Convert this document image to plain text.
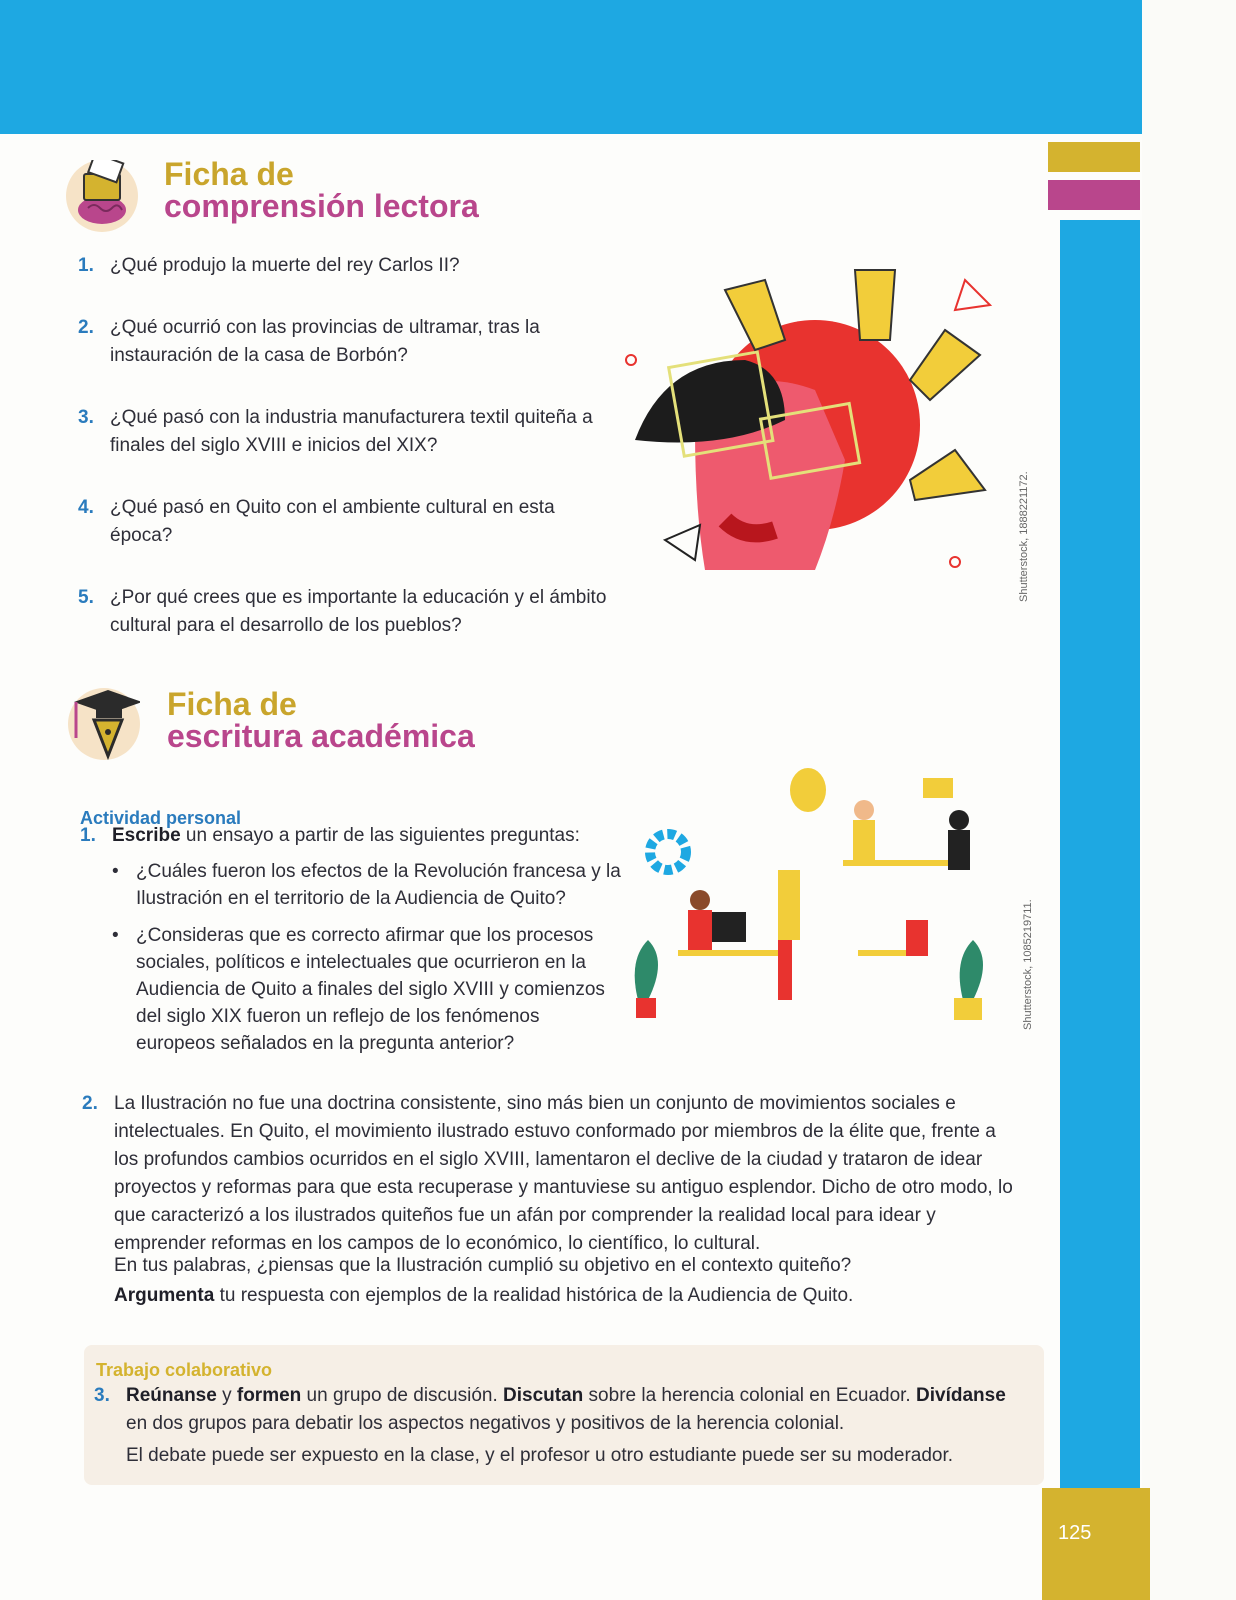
125
Ficha de
comprensión lectora
1. ¿Qué produjo la muerte del rey Carlos II?
2. ¿Qué ocurrió con las provincias de ultramar, tras la instauración de la casa de Borbón?
3. ¿Qué pasó con la industria manufacturera textil quiteña a finales del siglo XVIII e inicios del XIX?
4. ¿Qué pasó en Quito con el ambiente cultural en esta época?
5. ¿Por qué crees que es importante la educación y el ámbito cultural para el desarrollo de los pueblos?
Shutterstock, 1888221172.
Ficha de
escritura académica
Actividad personal
1. Escribe un ensayo a partir de las siguientes preguntas:
• ¿Cuáles fueron los efectos de la Revolución francesa y la Ilustración en el territorio de la Audiencia de Quito?
• ¿Consideras que es correcto afirmar que los procesos sociales, políticos e intelectuales que ocurrieron en la Audiencia de Quito a finales del siglo XVIII y comienzos del siglo XIX fueron un reflejo de los fenómenos europeos señalados en la pregunta anterior?
Shutterstock, 1085219711.
2. La Ilustración no fue una doctrina consistente, sino más bien un conjunto de movimientos sociales e intelectuales. En Quito, el movimiento ilustrado estuvo conformado por miembros de la élite que, frente a los profundos cambios ocurridos en el siglo XVIII, lamentaron el declive de la ciudad y trataron de idear proyectos y reformas para que esta recuperase y mantuviese su antiguo esplendor. Dicho de otro modo, lo que caracterizó a los ilustrados quiteños fue un afán por comprender la realidad local para idear y emprender reformas en los campos de lo económico, lo científico, lo cultural.
En tus palabras, ¿piensas que la Ilustración cumplió su objetivo en el contexto quiteño?
Argumenta tu respuesta con ejemplos de la realidad histórica de la Audiencia de Quito.
Trabajo colaborativo
3. Reúnanse y formen un grupo de discusión. Discutan sobre la herencia colonial en Ecuador. Divídanse en dos grupos para debatir los aspectos negativos y positivos de la herencia colonial.
El debate puede ser expuesto en la clase, y el profesor u otro estudiante puede ser su moderador.
